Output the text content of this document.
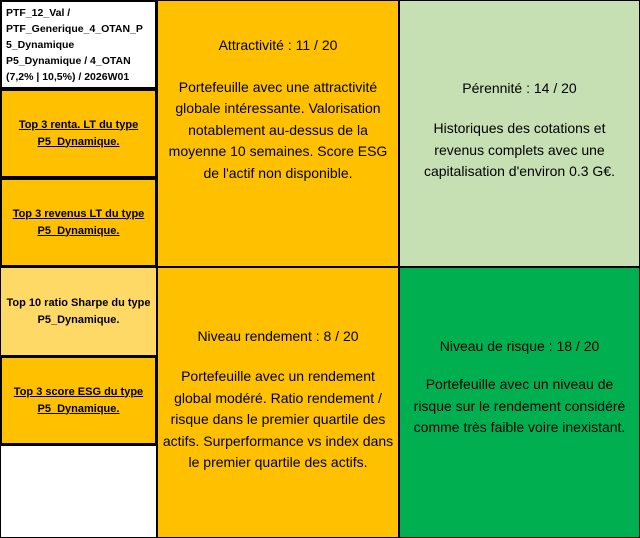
PTF_12_Val /
PTF_Generique_4_OTAN_P
5_Dynamique
P5_Dynamique / 4_OTAN
(7,2% | 10,5%) / 2026W01
Top 3 renta. LT du type P5_Dynamique.
Top 3 revenus LT du type P5_Dynamique.
Top 10 ratio Sharpe du type P5_Dynamique.
Top 3 score ESG du type P5_Dynamique.
Attractivité : 11 / 20
Portefeuille avec une attractivité globale intéressante. Valorisation notablement au-dessus de la moyenne 10 semaines. Score ESG de l'actif non disponible.
Pérennité : 14 / 20
Historiques des cotations et revenus complets avec une capitalisation d'environ 0.3 G€.
Niveau rendement : 8 / 20
Portefeuille avec un rendement global modéré. Ratio rendement / risque dans le premier quartile des actifs. Surperformance vs index dans le premier quartile des actifs.
Niveau de risque : 18 / 20
Portefeuille avec un niveau de risque sur le rendement considéré comme très faible voire inexistant.
